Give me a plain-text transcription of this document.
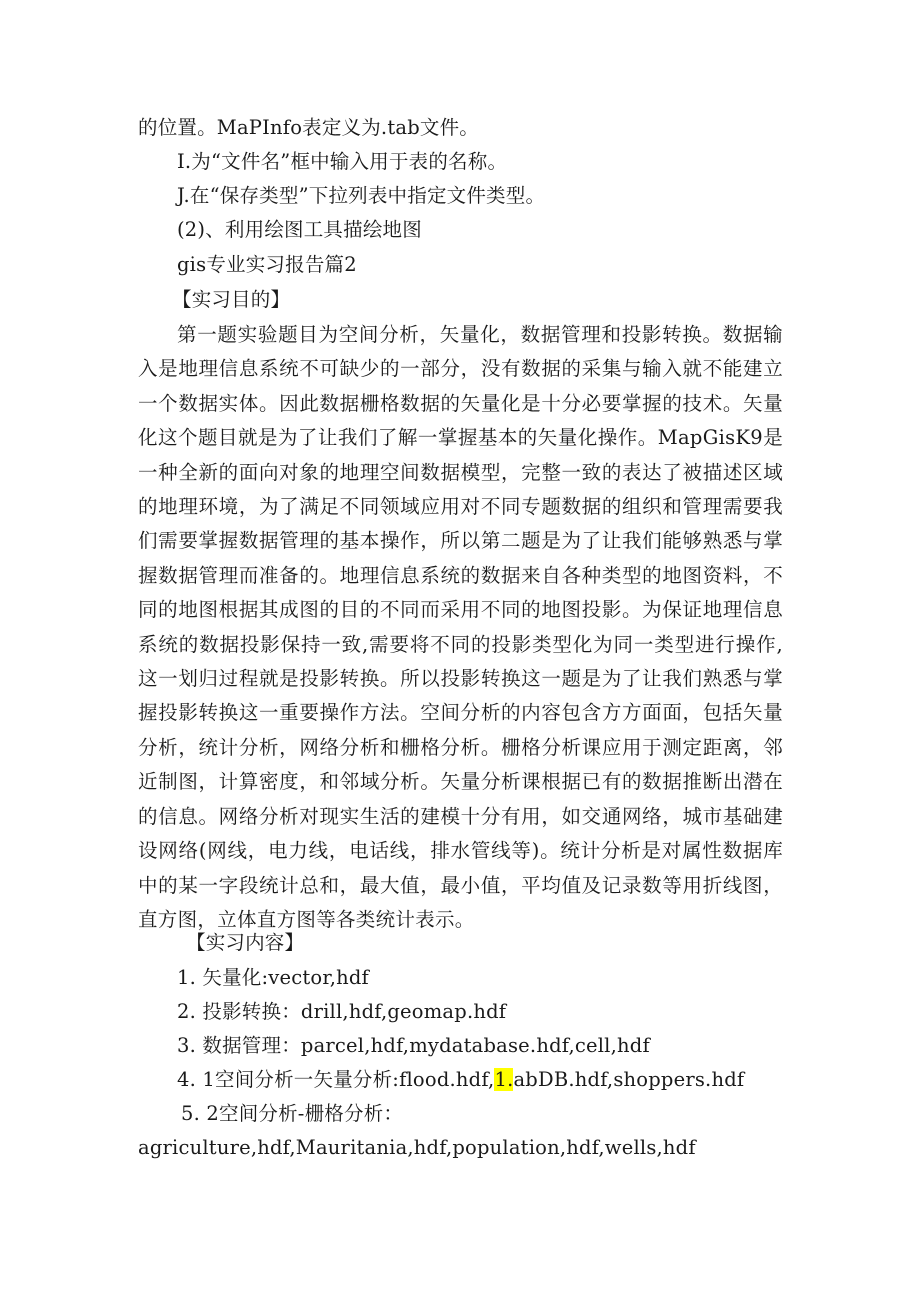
的位置。MaPInfo表定义为.tab文件。
I.为“文件名”框中输入用于表的名称。
J.在“保存类型”下拉列表中指定文件类型。
(2)、利用绘图工具描绘地图
gis专业实习报告篇2
【实习目的】

第一题实验题目为空间分析，矢量化，数据管理和投影转换。数据输入是地理信息系统不可缺少的一部分，没有数据的采集与输入就不能建立一个数据实体。因此数据栅格数据的矢量化是十分必要掌握的技术。矢量化这个题目就是为了让我们了解一掌握基本的矢量化操作。MapGisK9是一种全新的面向对象的地理空间数据模型，完整一致的表达了被描述区域的地理环境，为了满足不同领域应用对不同专题数据的组织和管理需要我们需要掌握数据管理的基本操作，所以第二题是为了让我们能够熟悉与掌握数据管理而准备的。地理信息系统的数据来自各种类型的地图资料，不同的地图根据其成图的目的不同而采用不同的地图投影。为保证地理信息系统的数据投影保持一致,需要将不同的投影类型化为同一类型进行操作,这一划归过程就是投影转换。所以投影转换这一题是为了让我们熟悉与掌握投影转换这一重要操作方法。空间分析的内容包含方方面面，包括矢量分析，统计分析，网络分析和栅格分析。栅格分析课应用于测定距离，邻近制图，计算密度，和邻域分析。矢量分析课根据已有的数据推断出潜在的信息。网络分析对现实生活的建模十分有用，如交通网络，城市基础建设网络(网线，电力线，电话线，排水管线等)。统计分析是对属性数据库中的某一字段统计总和，最大值，最小值，平均值及记录数等用折线图，直方图，立体直方图等各类统计表示。

【实习内容】
1. 矢量化:vector,hdf
2. 投影转换：drill,hdf,geomap.hdf
3. 数据管理：parcel,hdf,mydatabase.hdf,cell,hdf
4. 1空间分析一矢量分析:flood.hdf,1.abDB.hdf,shoppers.hdf
5. 2空间分析-栅格分析：
agriculture,hdf,Mauritania,hdf,population,hdf,wells,hdf
